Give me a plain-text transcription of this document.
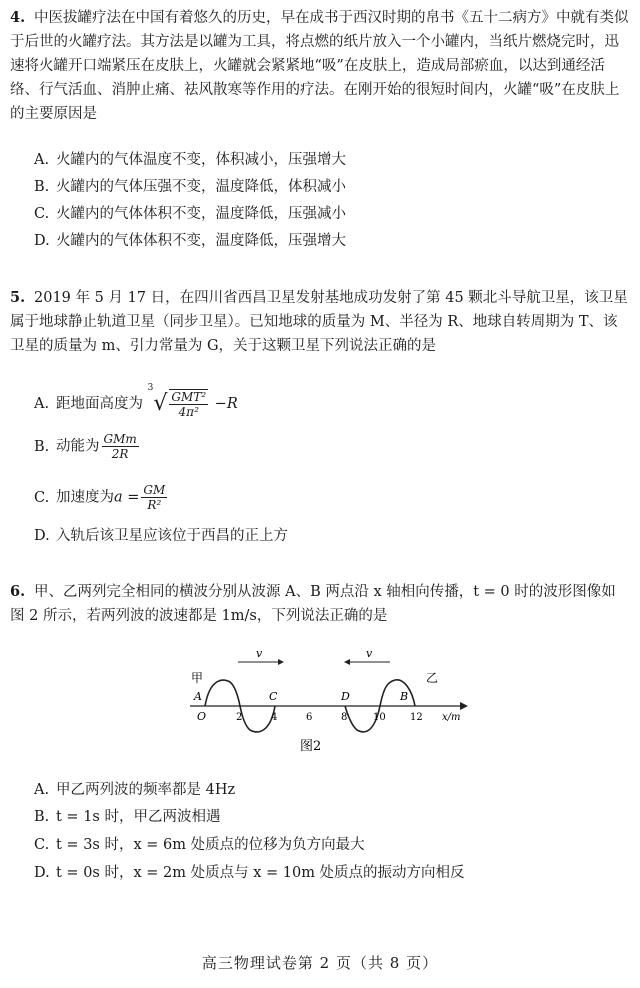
4. 中医拔罐疗法在中国有着悠久的历史，早在成书于西汉时期的帛书《五十二病方》中就有类似于后世的火罐疗法。其方法是以罐为工具，将点燃的纸片放入一个小罐内，当纸片燃烧完时，迅速将火罐开口端紧压在皮肤上，火罐就会紧紧地“吸”在皮肤上，造成局部瘀血，以达到通经活络、行气活血、消肿止痛、祛风散寒等作用的疗法。在刚开始的很短时间内，火罐“吸”在皮肤上的主要原因是
A. 火罐内的气体温度不变，体积减小，压强增大
B. 火罐内的气体压强不变，温度降低，体积减小
C. 火罐内的气体体积不变，温度降低，压强减小
D. 火罐内的气体体积不变，温度降低，压强增大
5. 2019 年 5 月 17 日，在四川省西昌卫星发射基地成功发射了第 45 颗北斗导航卫星，该卫星属于地球静止轨道卫星（同步卫星）。已知地球的质量为 M、半径为 R、地球自转周期为 T、该卫星的质量为 m、引力常量为 G，关于这颗卫星下列说法正确的是
A. 距地面高度为 $^3√ \frac{\text{GMT²}}{\text{4π²}} -R$
B. 动能为 $\frac{\text{GMm}}{2R}$
C. 加速度为$a = \frac{GM}{\text{R²}}$
D. 入轨后该卫星应该位于西昌的正上方
6. 甲、乙两列完全相同的横波分别从波源 A、B 两点沿 x 轴相向传播，t = 0 时的波形图像如图 2 所示，若两列波的波速都是 1m/s，下列说法正确的是
v	v
甲	乙
A	C	D	B
O	2	4	6	8	10 12 x/m
图2
A. 甲乙两列波的频率都是 4Hz
B. t = 1s 时，甲乙两波相遇
C. t = 3s 时，x = 6m 处质点的位移为负方向最大
D. t = 0s 时，x = 2m 处质点与 x = 10m 处质点的振动方向相反
高三物理试卷第 2 页（共 8 页）
